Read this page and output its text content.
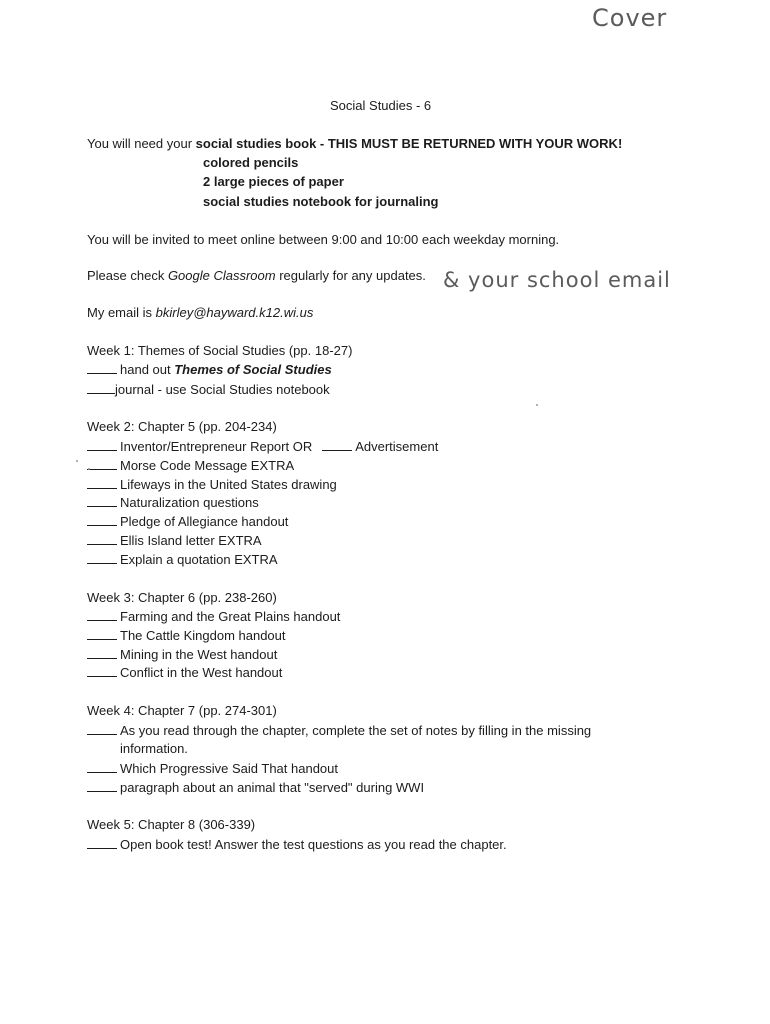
Cover
& your school email
Social Studies - 6
You will need your social studies book - THIS MUST BE RETURNED WITH YOUR WORK!
colored pencils
2 large pieces of paper
social studies notebook for journaling
You will be invited to meet online between 9:00 and 10:00 each weekday morning.
Please check Google Classroom regularly for any updates.
My email is bkirley@hayward.k12.wi.us
Week 1: Themes of Social Studies (pp. 18-27)
hand out Themes of Social Studies
journal - use Social Studies notebook
Week 2: Chapter 5 (pp. 204-234)
Inventor/Entrepreneur Report OR	Advertisement
Morse Code Message EXTRA
Lifeways in the United States drawing
Naturalization questions
Pledge of Allegiance handout
Ellis Island letter EXTRA
Explain a quotation EXTRA
Week 3: Chapter 6 (pp. 238-260)
Farming and the Great Plains handout
The Cattle Kingdom handout
Mining in the West handout
Conflict in the West handout
Week 4: Chapter 7 (pp. 274-301)
As you read through the chapter, complete the set of notes by filling in the missing
information.
Which Progressive Said That handout
paragraph about an animal that "served" during WWI
Week 5: Chapter 8 (306-339)
Open book test! Answer the test questions as you read the chapter.
